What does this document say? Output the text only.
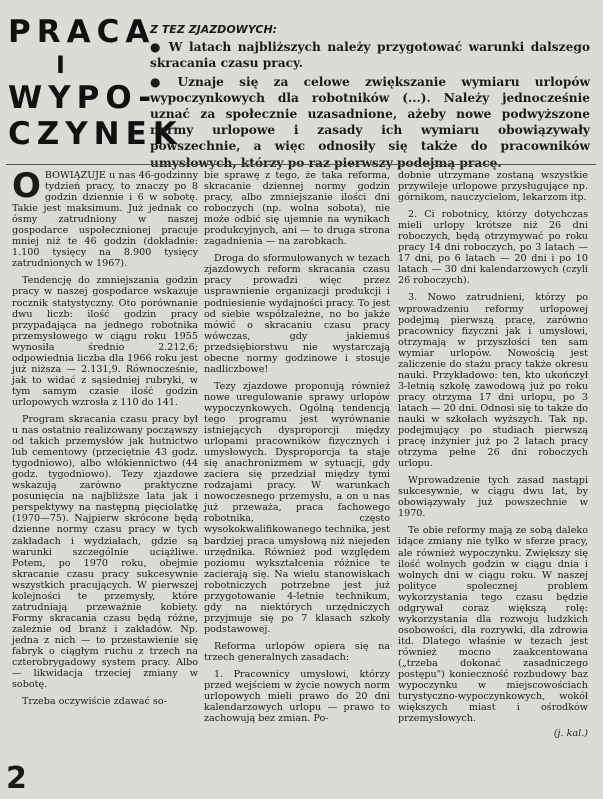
PRACA
I
WYPO-
CZYNEK
Z TEZ ZJAZDOWYCH:

● W latach najbliższych należy przygotować warunki dalszego skracania czasu pracy.

● Uznaje się za celowe zwiększanie wymiaru urlopów wypoczynkowych dla robotników (...). Należy jednocześnie uznać za społecznie uzasadnione, ażeby nowe podwyższone normy urlopowe i zasady ich wymiaru obowiązywały powszechnie, a więc odnosiły się także do pracowników umysłowych, którzy po raz pierwszy podejmą pracę.

OBOWIĄZUJE u nas 46-godzinny tydzień pracy, to znaczy po 8 godzin dziennie i 6 w sobotę. Takie jest maksimum. Już jednak co ósmy zatrudniony w naszej gospodarce uspołecznionej pracuje mniej niż te 46 godzin (dokładnie: 1.100 tysięcy na 8.900 tysięcy zatrudnionych w 1967).

Tendencję do zmniejszania godzin pracy w naszej gospodarce wskazuje rocznik statystyczny. Oto porównanie dwu liczb: ilość godzin pracy przypadająca na jednego robotnika przemysłowego w ciągu roku 1955 wynosiła średnio 2.212,6; odpowiednia liczba dla 1966 roku jest już niższa — 2.131,9. Równocześnie, jak to widać z sąsiedniej rubryki, w tym samym czasie ilość godzin urlopowych wzrosła z 110 do 141.

Program skracania czasu pracy był u nas ostatnio realizowany począwszy od takich przemysłów jak hutnictwo lub cementowy (przeciętnie 43 godz. tygodniowo), albo włókiennictwo (44 godz. tygodniowo). Tezy zjazdowe wskazują zarówno praktyczne posunięcia na najbliższe lata jak i perspektywy na następną pięciolatkę (1970—75). Najpierw skrócone będą dzienne normy czasu pracy w tych zakładach i wydziałach, gdzie są warunki szczególnie uciążliwe. Potem, po 1970 roku, obejmie skracanie czasu pracy sukcesywnie wszystkich pracujących. W pierwszej kolejności te przemysły, które zatrudniają przeważnie kobiety. Formy skracania czasu będą różne, zależnie od branż i zakładów. Np. jedna z nich — to przestawienie się fabryk o ciągłym ruchu z trzech na czterobrygadowy system pracy. Albo — likwidacja trzeciej zmiany w sobotę.

Trzeba oczywiście zdawać so-

bie sprawę z tego, że taka reforma, skracanie dziennej normy godzin pracy, albo zmniejszanie ilości dni roboczych (np. wolna sobota), nie może odbić się ujemnie na wynikach produkcyjnych, ani — to druga strona zagadnienia — na zarobkach.

Droga do sformułowanych w tezach zjazdowych reform skracania czasu pracy prowadzi więc przez usprawnienie organizacji produkcji i podniesienie wydajności pracy. To jest od siebie współzależne, no bo jakże mówić o skracaniu czasu pracy wówczas, gdy jakiemuś przedsiębiorstwu nie wystarczają obecne normy godzinowe i stosuje nadliczbowe!

Tezy zjazdowe proponują również nowe uregulowanie sprawy urlopów wypoczynkowych. Ogólną tendencją tego programu jest wyrównanie istniejących dysproporcji między urlopami pracowników fizycznych i umysłowych. Dysproporcja ta staje się anachronizmem w sytuacji, gdy zaciera się przedział między tymi rodzajami pracy. W warunkach nowoczesnego przemysłu, a on u nas już przeważa, praca fachowego robotnika, często wysokokwalifikowanego technika, jest bardziej praca umysłową niż niejeden urzędnika. Również pod względem poziomu wykształcenia różnice te zacierają się. Na wielu stanowiskach robotniczych potrzebne jest już przygotowanie 4-letnie technikum, gdy na niektórych urzędniczych przyjmuje się po 7 klasach szkoły podstawowej.

Reforma urlopów opiera się na trzech generalnych zasadach:

1. Pracownicy umysłowi, którzy przed wejściem w życie nowych norm urlopowych mieli prawo do 20 dni kalendarzowych urlopu — prawo to zachowują bez zmian. Po-

dobnie utrzymane zostaną wszystkie przywileje urlopowe przysługujące np. górnikom, nauczycielom, lekarzom itp.

2. Ci robotnicy, którzy dotychczas mieli urlopy krótsze niż 26 dni roboczych, będą otrzymywać po roku pracy 14 dni roboczych, po 3 latach — 17 dni, po 6 latach — 20 dni i po 10 latach — 30 dni kalendarzowych (czyli 26 roboczych).

3. Nowo zatrudnieni, którzy po wprowadzeniu reformy urlopowej podejmą pierwszą pracę, zarówno pracownicy fizyczni jak i umysłowi, otrzymają w przyszłości ten sam wymiar urlopów. Nowością jest zaliczenie do stażu pracy także okresu nauki. Przykładowo: ten, kto ukończył 3-letnią szkołę zawodową już po roku pracy otrzyma 17 dni urlopu, po 3 latach — 20 dni. Odnosi się to także do nauki w szkołach wyższych. Tak np. podejmujący po studiach pierwszą pracę inżynier już po 2 latach pracy otrzyma pełne 26 dni roboczych urlopu.

Wprowadzenie tych zasad nastąpi sukcesywnie, w ciągu dwu lat, by obowiązywały już powszechnie w 1970.

Te obie reformy mają ze sobą daleko idące zmiany nie tylko w sferze pracy, ale również wypoczynku. Zwiększy się ilość wolnych godzin w ciągu dnia i wolnych dni w ciągu roku. W naszej polityce społecznej problem wykorzystania tego czasu będzie odgrywał coraz większą rolę: wykorzystania dla rozwoju ludzkich osobowości, dla rozrywki, dla zdrowia itd. Dlatego właśnie w tezach jest również mocno zaakcentowana („trzeba dokonać zasadniczego postępu") konieczność rozbudowy baz wypoczynku w miejscowościach turystyczno-wypoczynkowych, wokół większych miast i ośrodków przemysłowych.

(j. kal.)
2
